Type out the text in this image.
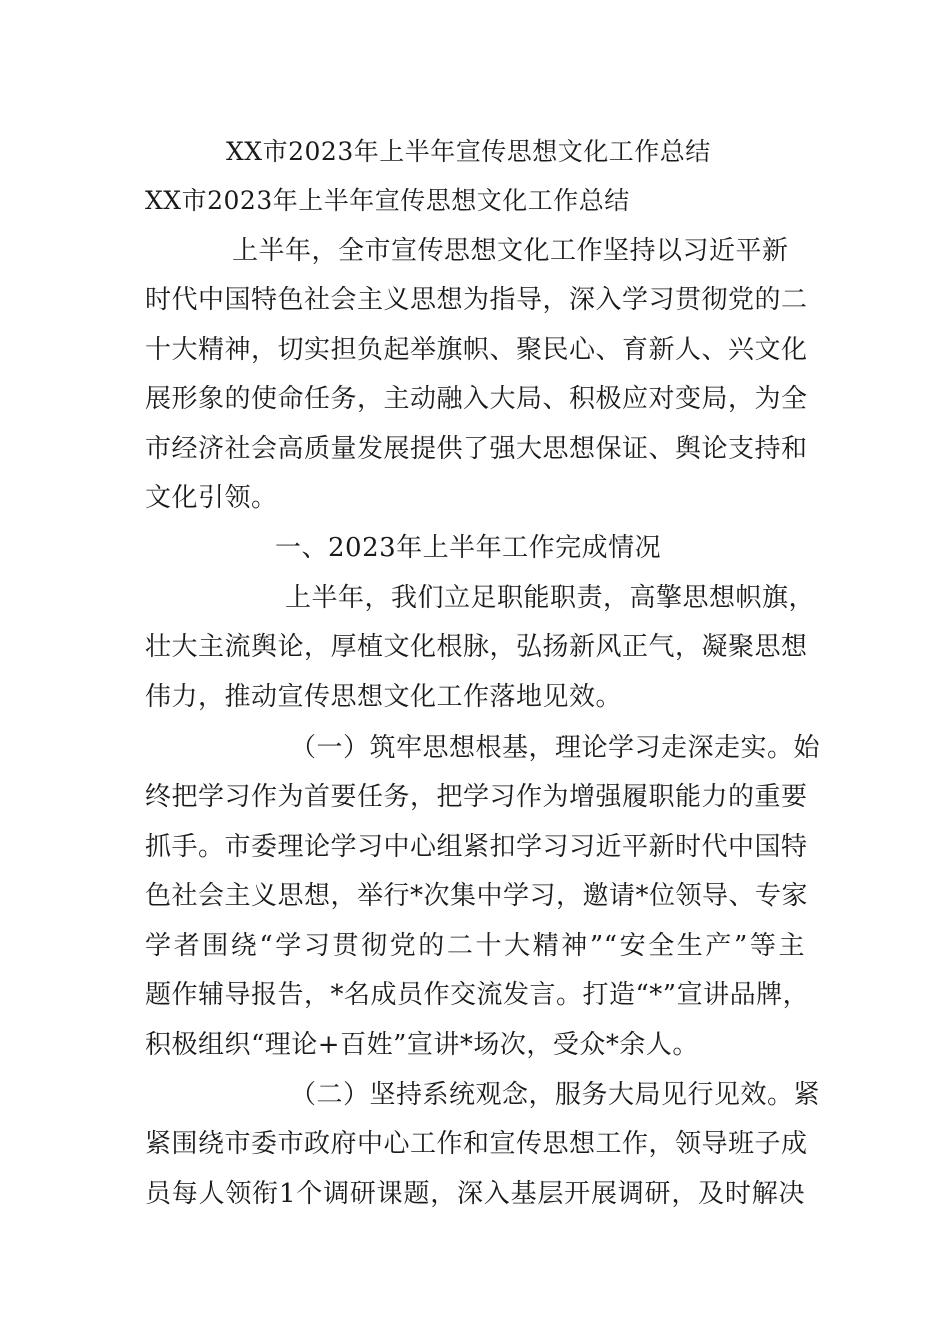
XX市2023年上半年宣传思想文化工作总结
XX市2023年上半年宣传思想文化工作总结
上半年，全市宣传思想文化工作坚持以习近平新
时代中国特色社会主义思想为指导，深入学习贯彻党的二
十大精神，切实担负起举旗帜、聚民心、育新人、兴文化
展形象的使命任务，主动融入大局、积极应对变局，为全
市经济社会高质量发展提供了强大思想保证、舆论支持和
文化引领。
一、2023年上半年工作完成情况
上半年，我们立足职能职责，高擎思想帜旗，
壮大主流舆论，厚植文化根脉，弘扬新风正气，凝聚思想
伟力，推动宣传思想文化工作落地见效。
（一）筑牢思想根基，理论学习走深走实。始
终把学习作为首要任务，把学习作为增强履职能力的重要
抓手。市委理论学习中心组紧扣学习习近平新时代中国特
色社会主义思想，举行*次集中学习，邀请*位领导、专家
学者围绕“学习贯彻党的二十大精神”“安全生产”等主
题作辅导报告，*名成员作交流发言。打造“*”宣讲品牌，
积极组织“理论+百姓”宣讲*场次，受众*余人。
（二）坚持系统观念，服务大局见行见效。紧
紧围绕市委市政府中心工作和宣传思想工作，领导班子成
员每人领衔1个调研课题，深入基层开展调研，及时解决
